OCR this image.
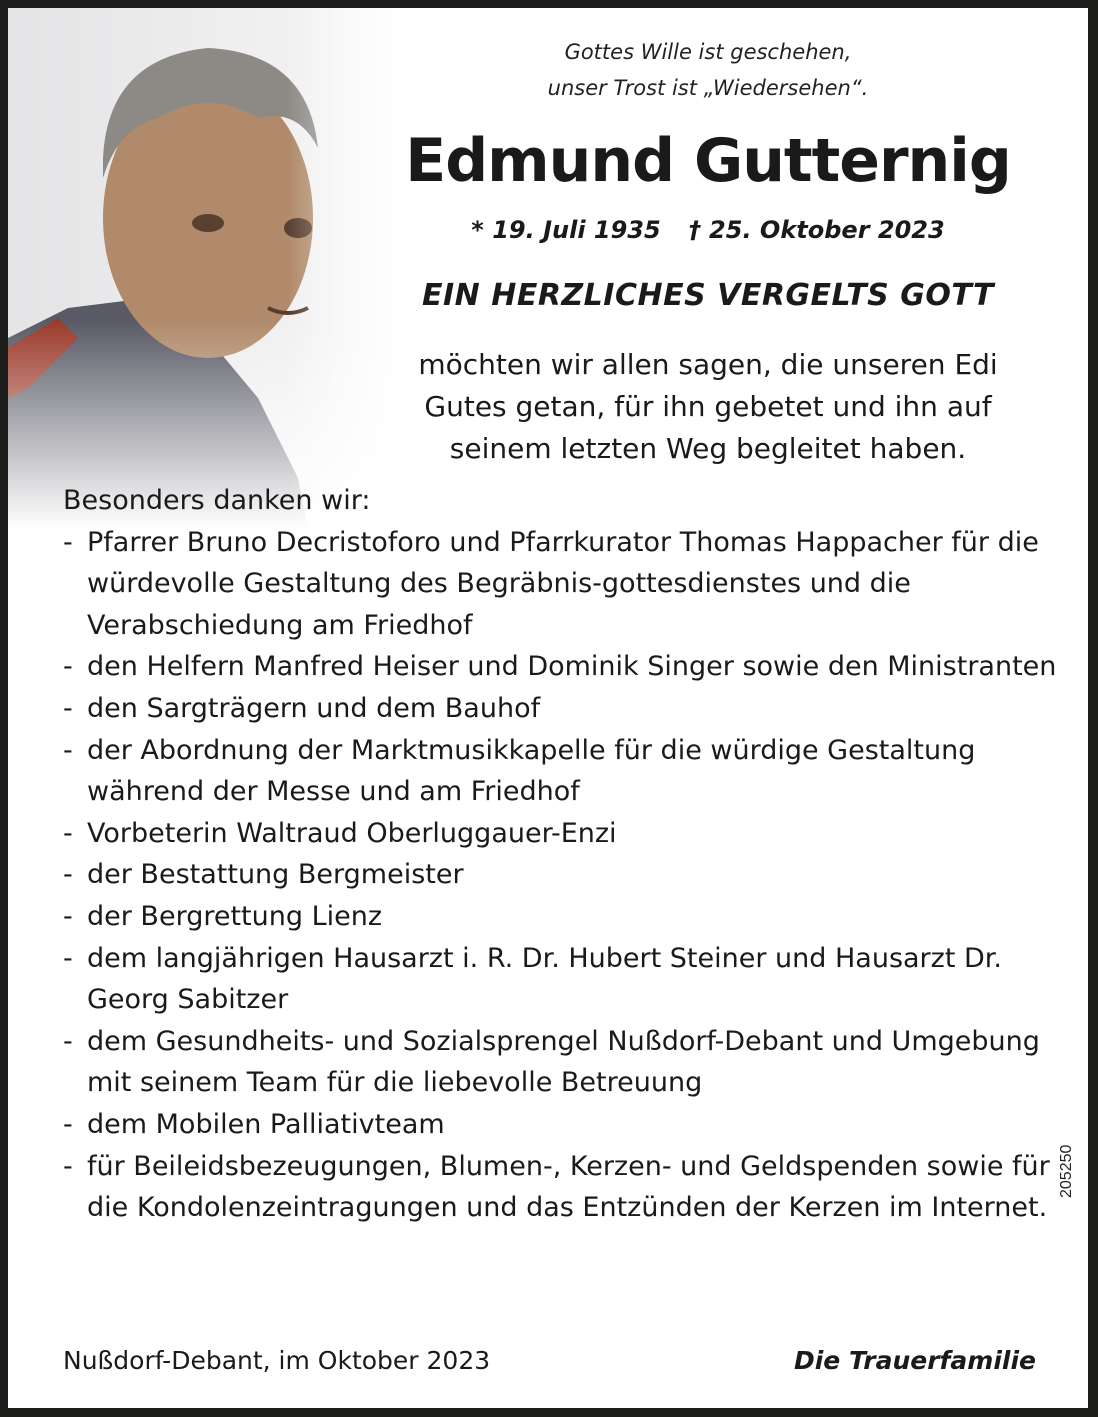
Gottes Wille ist geschehen,
unser Trost ist „Wiedersehen“.
Edmund Gutternig
* 19. Juli 1935 † 25. Oktober 2023
EIN HERZLICHES VERGELTS GOTT
möchten wir allen sagen, die unseren Edi Gutes getan, für ihn gebetet und ihn auf seinem letzten Weg begleitet haben.
Besonders danken wir:
- Pfarrer Bruno Decristoforo und Pfarrkurator Thomas Happacher für die würdevolle Gestaltung des Begräbnis-gottesdienstes und die Verabschiedung am Friedhof
- den Helfern Manfred Heiser und Dominik Singer sowie den Ministranten
- den Sargträgern und dem Bauhof
- der Abordnung der Marktmusikkapelle für die würdige Gestaltung während der Messe und am Friedhof
- Vorbeterin Waltraud Oberluggauer-Enzi
- der Bestattung Bergmeister
- der Bergrettung Lienz
- dem langjährigen Hausarzt i. R. Dr. Hubert Steiner und Hausarzt Dr. Georg Sabitzer
- dem Gesundheits- und Sozialsprengel Nußdorf-Debant und Umgebung mit seinem Team für die liebevolle Betreuung
- dem Mobilen Palliativteam
- für Beileidsbezeugungen, Blumen-, Kerzen- und Geldspenden sowie für die Kondolenzeintragungen und das Entzünden der Kerzen im Internet.
Nußdorf-Debant, im Oktober 2023	Die Trauerfamilie
205250
